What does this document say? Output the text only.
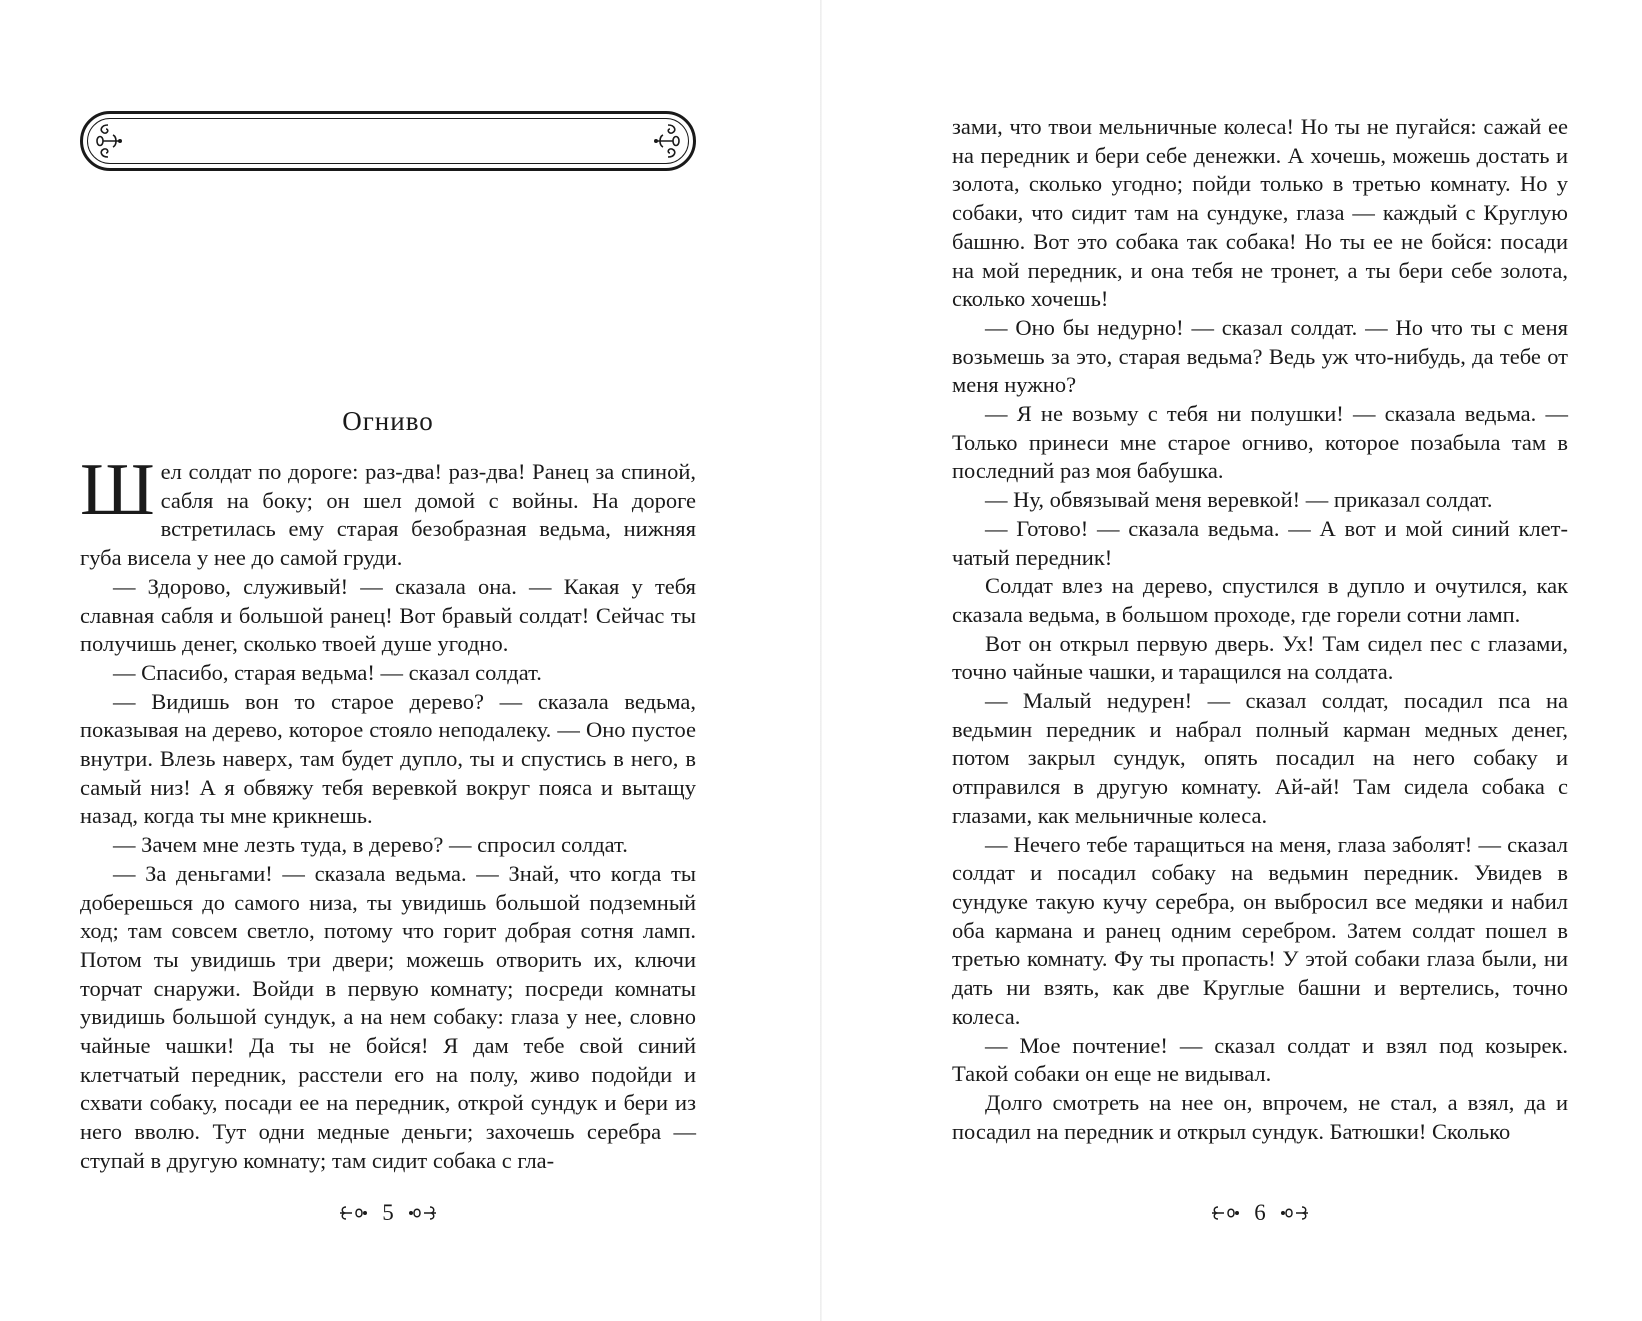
Огниво

Шел солдат по дороге: раз-два! раз-два! Ранец за спиной, сабля на боку; он шел домой с войны. На дороге встретилась ему старая безобразная ведьма, нижняя губа висела у нее до самой груди.

— Здорово, служивый! — сказала она. — Какая у тебя славная сабля и большой ранец! Вот бравый солдат! Сейчас ты получишь денег, сколько твоей душе угодно.

— Спасибо, старая ведьма! — сказал солдат.

— Видишь вон то старое дерево? — сказала ведьма, показывая на дерево, которое стояло неподалеку. — Оно пустое внутри. Влезь наверх, там будет дупло, ты и спустись в него, в самый низ! А я обвяжу тебя веревкой вокруг пояса и вытащу назад, когда ты мне крикнешь.

— Зачем мне лезть туда, в дерево? — спросил солдат.

— За деньгами! — сказала ведьма. — Знай, что когда ты доберешься до самого низа, ты увидишь большой подземный ход; там совсем светло, потому что горит добрая сотня ламп. Потом ты увидишь три двери; можешь отворить их, ключи торчат снаружи. Войди в первую комнату; посреди комнаты увидишь большой сундук, а на нем собаку: глаза у нее, словно чайные чашки! Да ты не бойся! Я дам тебе свой синий клетчатый передник, расстели его на полу, живо подойди и схвати собаку, посади ее на передник, открой сундук и бери из него вволю. Тут одни медные деньги; захочешь серебра — ступай в другую комнату; там сидит собака с гла-

5

зами, что твои мельничные колеса! Но ты не пугайся: сажай ее на передник и бери себе денежки. А хочешь, можешь достать и золота, сколько угодно; пойди только в третью комнату. Но у собаки, что сидит там на сундуке, глаза — каждый с Круглую башню. Вот это собака так собака! Но ты ее не бойся: посади на мой передник, и она тебя не тронет, а ты бери себе золота, сколько хочешь!

— Оно бы недурно! — сказал солдат. — Но что ты с меня возьмешь за это, старая ведьма? Ведь уж что-нибудь, да тебе от меня нужно?

— Я не возьму с тебя ни полушки! — сказала ведьма. — Только принеси мне старое огниво, которое позабыла там в последний раз моя бабушка.

— Ну, обвязывай меня веревкой! — приказал солдат.

— Готово! — сказала ведьма. — А вот и мой синий клетчатый передник!

Солдат влез на дерево, спустился в дупло и очутился, как сказала ведьма, в большом проходе, где горели сотни ламп.

Вот он открыл первую дверь. Ух! Там сидел пес с глазами, точно чайные чашки, и таращился на солдата.

— Малый недурен! — сказал солдат, посадил пса на ведьмин передник и набрал полный карман медных денег, потом закрыл сундук, опять посадил на него собаку и отправился в другую комнату. Ай-ай! Там сидела собака с глазами, как мельничные колеса.

— Нечего тебе таращиться на меня, глаза заболят! — сказал солдат и посадил собаку на ведьмин передник. Увидев в сундуке такую кучу серебра, он выбросил все медяки и набил оба кармана и ранец одним серебром. Затем солдат пошел в третью комнату. Фу ты пропасть! У этой собаки глаза были, ни дать ни взять, как две Круглые башни и вертелись, точно колеса.

— Мое почтение! — сказал солдат и взял под козырек. Такой собаки он еще не видывал.

Долго смотреть на нее он, впрочем, не стал, а взял, да и посадил на передник и открыл сундук. Батюшки! Сколько

6
